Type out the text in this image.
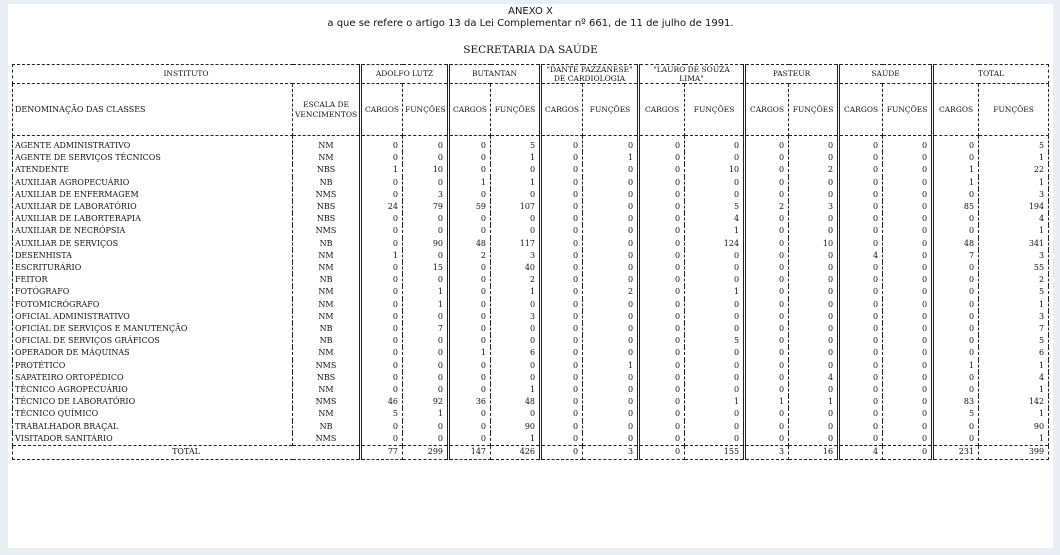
ANEXO X
a que se refere o artigo 13 da Lei Complementar nº 661, de 11 de julho de 1991.
SECRETARIA DA SAÚDE
INSTITUTO		ADOLFO LUTZ		BUTANTAN		"DANTE PAZZANESE" DE CARDIOLOGIA		"LAURO DE SOUZA LIMA"		PASTEUR		SAÚDE		TOTAL	
DENOMINAÇÃO DAS CLASSES	ESCALA DE VENCIMENTOS	CARGOS	FUNÇÕES	CARGOS	FUNÇÕES	CARGOS	FUNÇÕES	CARGOS	FUNÇÕES	CARGOS	FUNÇÕES	CARGOS	FUNÇÕES	CARGOS	FUNÇÕES
AGENTE ADMINISTRATIVO	NM	0	0	0	5	0	0	0	0	0	0	0	0	0	5
AGENTE DE SERVIÇOS TÉCNICOS	NM	0	0	0	1	0	1	0	0	0	0	0	0	0	1
ATENDENTE	NBS	1	10	0	0	0	0	0	10	0	2	0	0	1	22
AUXILIAR AGROPECUÁRIO	NB	0	0	1	1	0	0	0	0	0	0	0	0	1	1
AUXILIAR DE ENFERMAGEM	NMS	0	3	0	0	0	0	0	0	0	0	0	0	0	3
AUXILIAR DE LABORATÓRIO	NBS	24	79	59	107	0	0	0	5	2	3	0	0	85	194
AUXILIAR DE LABORTERAPIA	NBS	0	0	0	0	0	0	0	4	0	0	0	0	0	4
AUXILIAR DE NECRÓPSIA	NMS	0	0	0	0	0	0	0	1	0	0	0	0	0	1
AUXILIAR DE SERVIÇOS	NB	0	90	48	117	0	0	0	124	0	10	0	0	48	341
DESENHISTA	NM	1	0	2	3	0	0	0	0	0	0	4	0	7	3
ESCRITURÁRIO	NM	0	15	0	40	0	0	0	0	0	0	0	0	0	55
FEITOR	NB	0	0	0	2	0	0	0	0	0	0	0	0	0	2
FOTÓGRAFO	NM	0	1	0	1	0	2	0	1	0	0	0	0	0	5
FOTOMICRÓGRAFO	NM	0	1	0	0	0	0	0	0	0	0	0	0	0	1
OFICIAL ADMINISTRATIVO	NM	0	0	0	3	0	0	0	0	0	0	0	0	0	3
OFICIAL DE SERVIÇOS E MANUTENÇÃO	NB	0	7	0	0	0	0	0	0	0	0	0	0	0	7
OFICIAL DE SERVIÇOS GRÁFICOS	NB	0	0	0	0	0	0	0	5	0	0	0	0	0	5
OPERADOR DE MÁQUINAS	NM	0	0	1	6	0	0	0	0	0	0	0	0	0	6
PROTÉTICO	NMS	0	0	0	0	0	1	0	0	0	0	0	0	1	1
SAPATEIRO ORTOPÉDICO	NBS	0	0	0	0	0	0	0	0	0	4	0	0	0	4
TÉCNICO AGROPECUÁRIO	NM	0	0	0	1	0	0	0	0	0	0	0	0	0	1
TÉCNICO DE LABORATÓRIO	NMS	46	92	36	48	0	0	0	1	1	1	0	0	83	142
TÉCNICO QUÍMICO	NM	5	1	0	0	0	0	0	0	0	0	0	0	5	1
TRABALHADOR BRAÇAL	NB	0	0	0	90	0	0	0	0	0	0	0	0	0	90
VISITADOR SANITÁRIO	NMS	0	0	0	1	0	0	0	0	0	0	0	0	0	1
TOTAL		77	299	147	426	0	3	0	155	3	16	4	0	231	399
